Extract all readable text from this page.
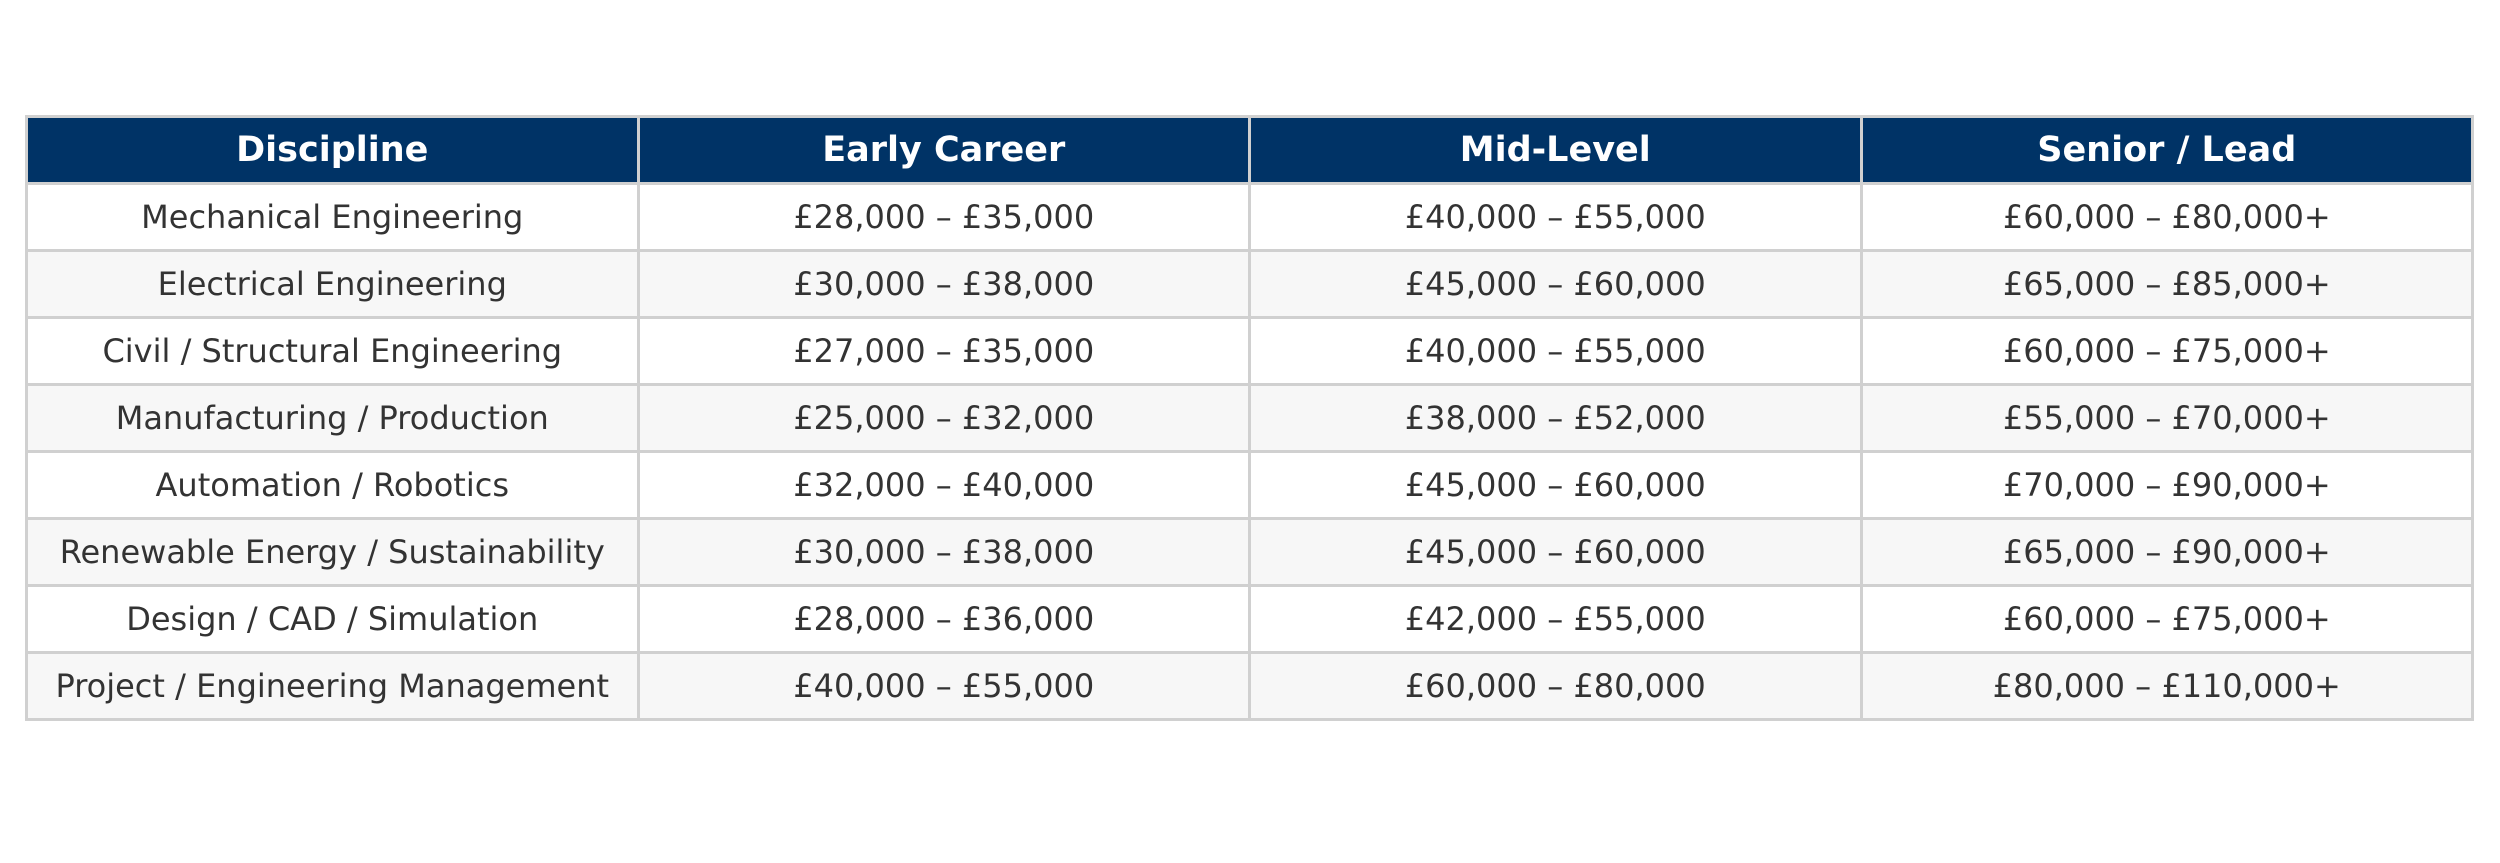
Discipline	Early Career	Mid-Level	Senior / Lead
Mechanical Engineering	£28,000 – £35,000	£40,000 – £55,000	£60,000 – £80,000+
Electrical Engineering	£30,000 – £38,000	£45,000 – £60,000	£65,000 – £85,000+
Civil / Structural Engineering	£27,000 – £35,000	£40,000 – £55,000	£60,000 – £75,000+
Manufacturing / Production	£25,000 – £32,000	£38,000 – £52,000	£55,000 – £70,000+
Automation / Robotics	£32,000 – £40,000	£45,000 – £60,000	£70,000 – £90,000+
Renewable Energy / Sustainability	£30,000 – £38,000	£45,000 – £60,000	£65,000 – £90,000+
Design / CAD / Simulation	£28,000 – £36,000	£42,000 – £55,000	£60,000 – £75,000+
Project / Engineering Management	£40,000 – £55,000	£60,000 – £80,000	£80,000 – £110,000+
